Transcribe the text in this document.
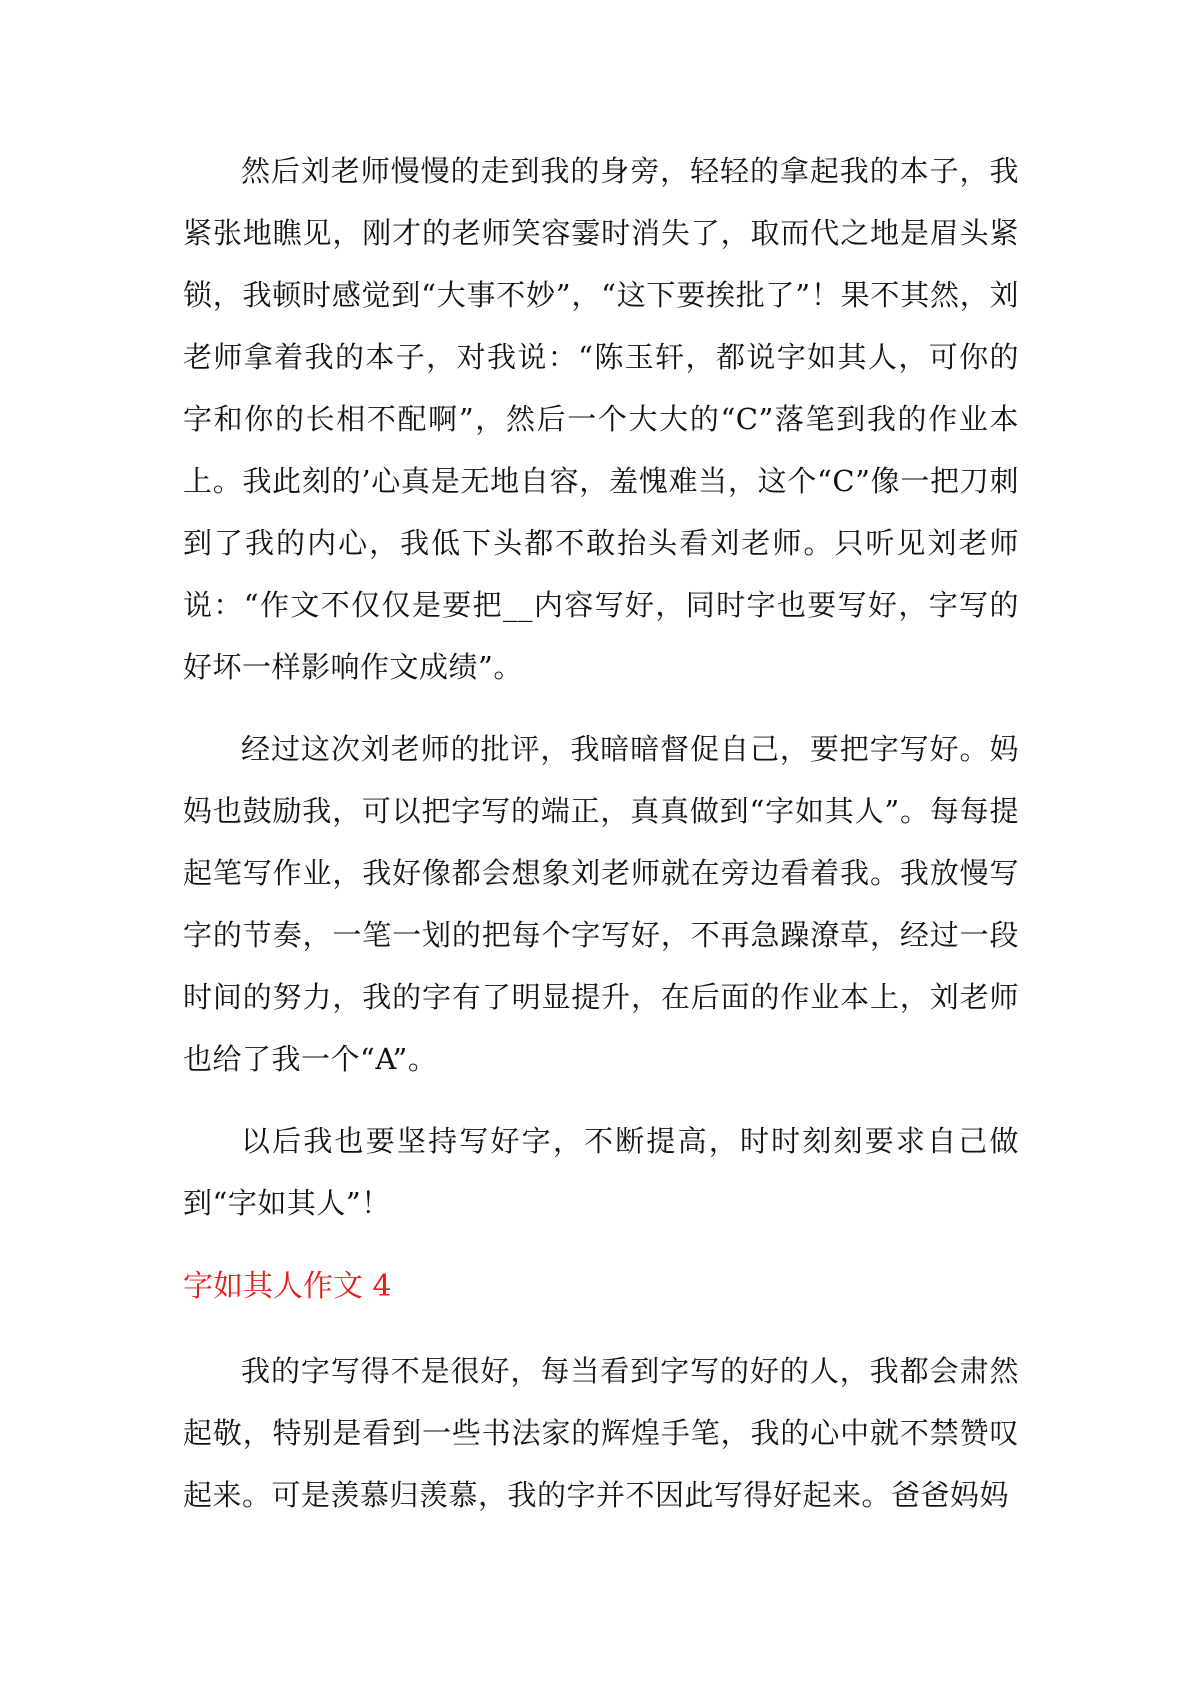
然后刘老师慢慢的走到我的身旁，轻轻的拿起我的本子，我紧张地瞧见，刚才的老师笑容霎时消失了，取而代之地是眉头紧锁，我顿时感觉到“大事不妙”，“这下要挨批了”！果不其然，刘老师拿着我的本子，对我说：“陈玉轩，都说字如其人，可你的字和你的长相不配啊”，然后一个大大的“C”落笔到我的作业本上。我此刻的’心真是无地自容，羞愧难当，这个“C”像一把刀刺到了我的内心，我低下头都不敢抬头看刘老师。只听见刘老师说：“作文不仅仅是要把__内容写好，同时字也要写好，字写的好坏一样影响作文成绩”。

经过这次刘老师的批评，我暗暗督促自己，要把字写好。妈妈也鼓励我，可以把字写的端正，真真做到“字如其人”。每每提起笔写作业，我好像都会想象刘老师就在旁边看着我。我放慢写字的节奏，一笔一划的把每个字写好，不再急躁潦草，经过一段时间的努力，我的字有了明显提升，在后面的作业本上，刘老师也给了我一个“A”。

以后我也要坚持写好字，不断提高，时时刻刻要求自己做到“字如其人”！

字如其人作文 4

我的字写得不是很好，每当看到字写的好的人，我都会肃然起敬，特别是看到一些书法家的辉煌手笔，我的心中就不禁赞叹起来。可是羡慕归羡慕，我的字并不因此写得好起来。爸爸妈妈
